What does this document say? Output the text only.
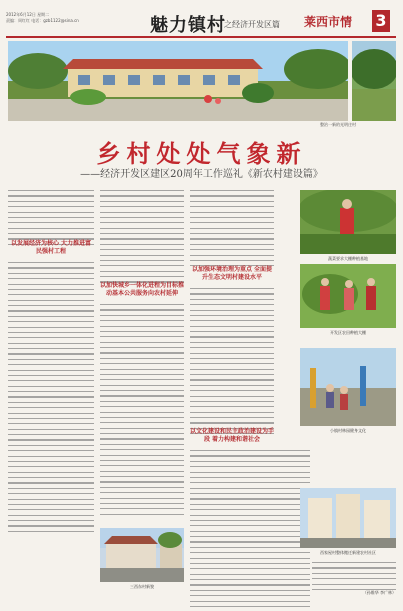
2012年6月12日 星期二
责编：周红红 电话：gzb1122@sina.cn	魅力镇村
之经济开发区篇 莱西市情 3
整治一新的光明庄村
乡村处处气象新
——经济开发区建区20周年工作巡礼《新农村建设篇》
以发展经济为核心 大力推进富民强村工程
以加快城乡一体化进程为目标推动基本公共服务向农村延伸
三西东村新貌
以加强环境治理为重点 全面提升生态文明村建设水平
以文化建设和民主政治建设为手段 着力构建和谐社会
蔬菜要求大棚种植基地
开发区农田种植大棚
小镇村林园健身文化
西家屋村整体搬迁新建农村社区
（孙维华 李广林）
